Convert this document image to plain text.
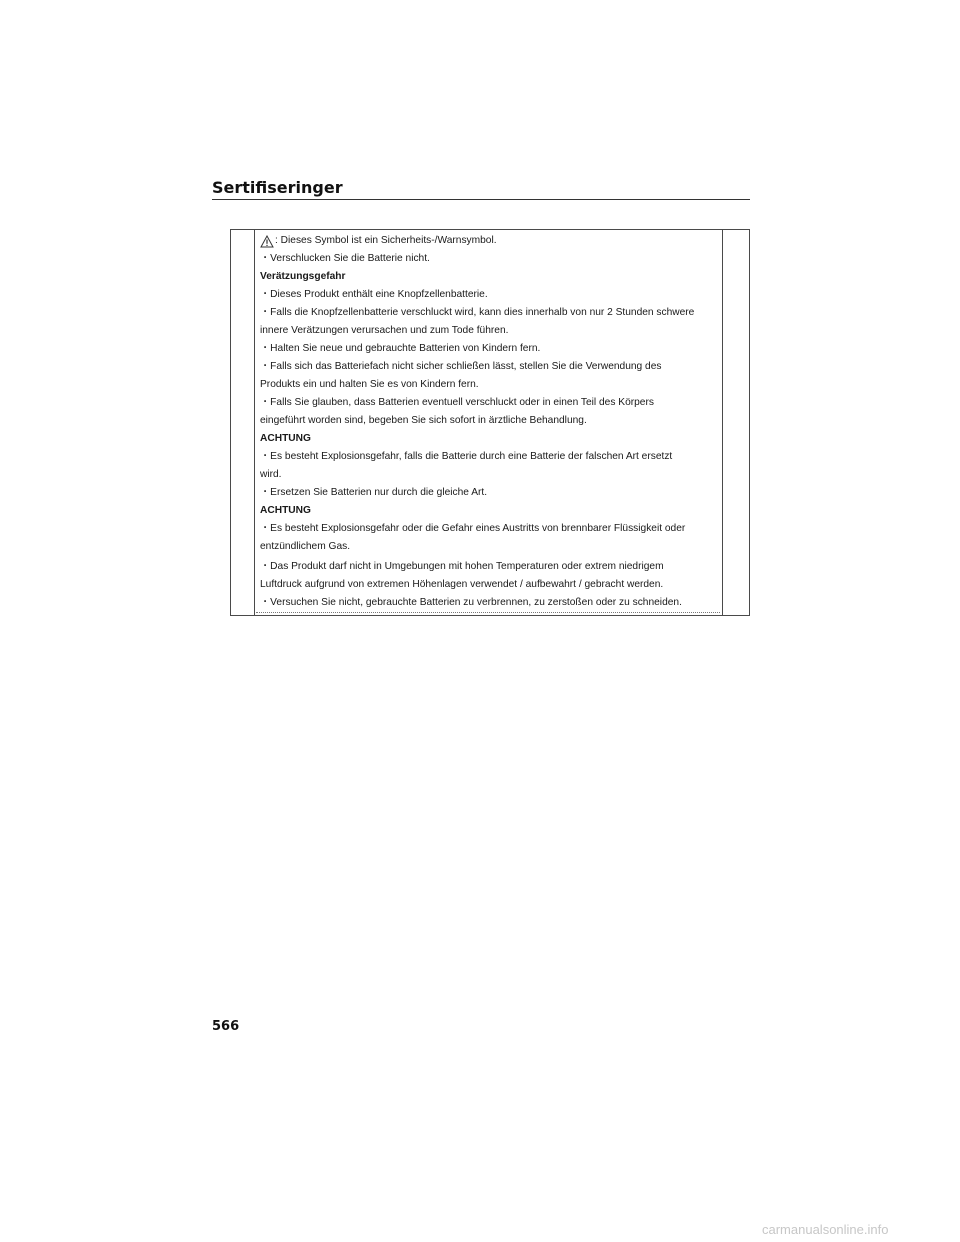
Sertifiseringer

: Dieses Symbol ist ein Sicherheits-/Warnsymbol.

・Verschlucken Sie die Batterie nicht.

Verätzungsgefahr

・Dieses Produkt enthält eine Knopfzellenbatterie.

・Falls die Knopfzellenbatterie verschluckt wird, kann dies innerhalb von nur 2 Stunden schwere

innere Verätzungen verursachen und zum Tode führen.

・Halten Sie neue und gebrauchte Batterien von Kindern fern.

・Falls sich das Batteriefach nicht sicher schließen lässt, stellen Sie die Verwendung des

Produkts ein und halten Sie es von Kindern fern.

・Falls Sie glauben, dass Batterien eventuell verschluckt oder in einen Teil des Körpers

eingeführt worden sind, begeben Sie sich sofort in ärztliche Behandlung.

ACHTUNG

・Es besteht Explosionsgefahr, falls die Batterie durch eine Batterie der falschen Art ersetzt

wird.

・Ersetzen Sie Batterien nur durch die gleiche Art.

ACHTUNG

・Es besteht Explosionsgefahr oder die Gefahr eines Austritts von brennbarer Flüssigkeit oder

entzündlichem Gas.

・Das Produkt darf nicht in Umgebungen mit hohen Temperaturen oder extrem niedrigem

Luftdruck aufgrund von extremen Höhenlagen verwendet / aufbewahrt / gebracht werden.

・Versuchen Sie nicht, gebrauchte Batterien zu verbrennen, zu zerstoßen oder zu schneiden.

566
carmanualsonline.info
